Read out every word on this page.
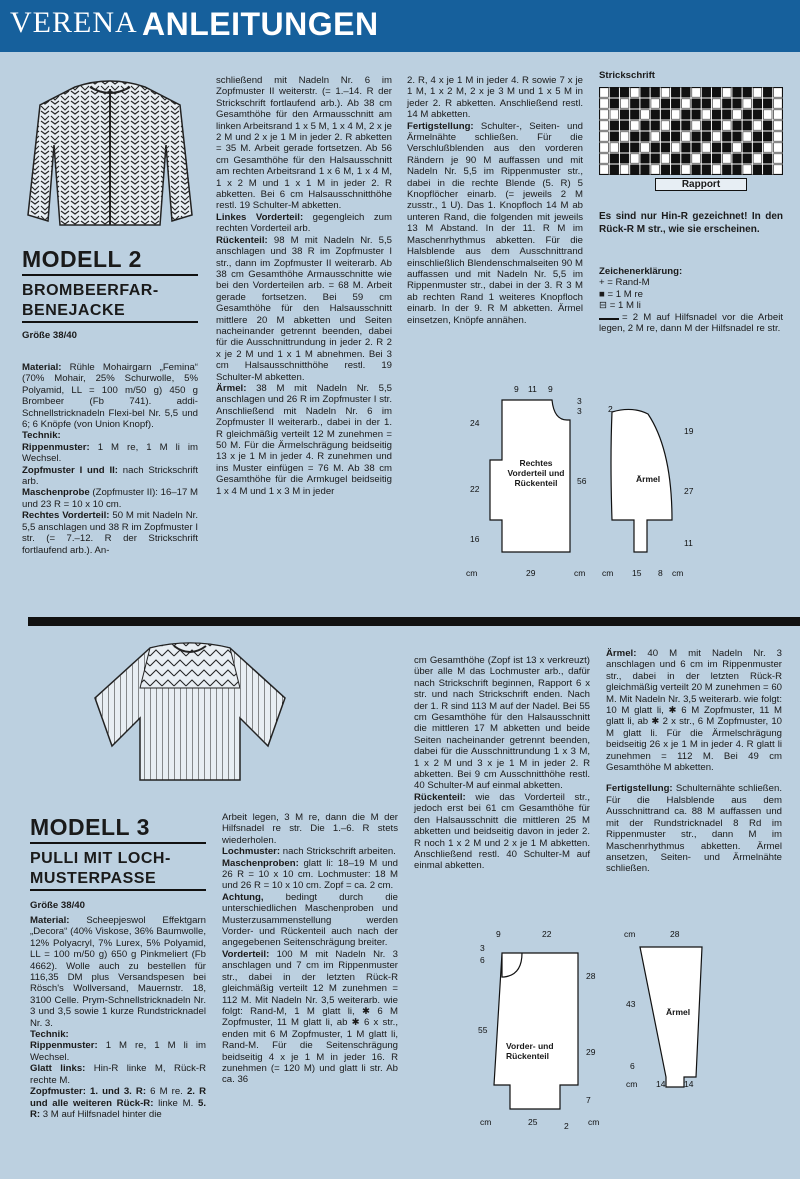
VERENA ANLEITUNGEN
MODELL 2
BROMBEERFAR-
BENEJACKE
Größe 38/40

Material: Rühle Mohairgarn „Femina“ (70% Mohair, 25% Schurwolle, 5% Polyamid, LL = 100 m/50 g) 450 g Brombeer (Fb 741). addi-Schnellstricknadeln Flexi-bel Nr. 5,5 und 6; 6 Knöpfe (von Union Knopf).

Technik:

Rippenmuster: 1 M re, 1 M li im Wechsel.

Zopfmuster I und II: nach Strickschrift arb.

Maschenprobe (Zopfmuster II): 16–17 M und 23 R = 10 x 10 cm.

Rechtes Vorderteil: 50 M mit Nadeln Nr. 5,5 anschlagen und 38 R im Zopfmuster I str. (= 7.–12. R der Strickschrift fortlaufend arb.). An-

schließend mit Nadeln Nr. 6 im Zopfmuster II weiterstr. (= 1.–14. R der Strickschrift fortlaufend arb.). Ab 38 cm Gesamthöhe für den Armausschnitt am linken Arbeitsrand 1 x 5 M, 1 x 4 M, 2 x je 2 M und 2 x je 1 M in jeder 2. R abketten = 35 M. Arbeit gerade fortsetzen. Ab 56 cm Gesamthöhe für den Halsausschnitt am rechten Arbeitsrand 1 x 6 M, 1 x 4 M, 1 x 2 M und 1 x 1 M in jeder 2. R abketten. Bei 6 cm Halsausschnitthöhe restl. 19 Schulter-M abketten.

Linkes Vorderteil: gegengleich zum rechten Vorderteil arb.

Rückenteil: 98 M mit Nadeln Nr. 5,5 anschlagen und 38 R im Zopfmuster I str., dann im Zopfmuster II weiterarb. Ab 38 cm Gesamthöhe Armausschnitte wie bei den Vorderteilen arb. = 68 M. Arbeit gerade fortsetzen. Bei 59 cm Gesamthöhe für den Halsausschnitt mittlere 20 M abketten und Seiten nacheinander getrennt beenden, dabei für die Ausschnittrundung in jeder 2. R 2 x je 2 M und 1 x 1 M abnehmen. Bei 3 cm Halsausschnitthöhe restl. 19 Schulter-M abketten.

Ärmel: 38 M mit Nadeln Nr. 5,5 anschlagen und 26 R im Zopfmuster I str. Anschließend mit Nadeln Nr. 6 im Zopfmuster II weiterarb., dabei in der 1. R gleichmäßig verteilt 12 M zunehmen = 50 M. Für die Ärmelschrägung beidseitig 13 x je 1 M in jeder 4. R zunehmen und ins Muster einfügen = 76 M. Ab 38 cm Gesamthöhe für die Armkugel beidseitig 1 x 4 M und 1 x 3 M in jeder

2. R, 4 x je 1 M in jeder 4. R sowie 7 x je 1 M, 1 x 2 M, 2 x je 3 M und 1 x 5 M in jeder 2. R abketten. Anschließend restl. 14 M abketten.

Fertigstellung: Schulter-, Seiten- und Ärmelnähte schließen. Für die Verschlußblenden aus den vorderen Rändern je 90 M auffassen und mit Nadeln Nr. 5,5 im Rippenmuster str., dabei in die rechte Blende (5. R) 5 Knopflöcher einarb. (= jeweils 2 M zusstr., 1 U). Das 1. Knopfloch 14 M ab unteren Rand, die folgenden mit jeweils 13 M Abstand. In der 11. R M im Maschenrhythmus abketten. Für die Halsblende aus dem Ausschnittrand einschließlich Blendenschmalseiten 90 M auffassen und mit Nadeln Nr. 5,5 im Rippenmuster str., dabei in der 3. R 3 M ab rechten Rand 1 weiteres Knopfloch einarb. In der 9. R M abketten. Ärmel einsetzen, Knöpfe annähen.

Strickschrift
Rapport

Es sind nur Hin-R gezeichnet! In den Rück-R M str., wie sie erscheinen.

Zeichenerklärung:

+ = Rand-M

■ = 1 M re

⊟ = 1 M li

= 2 M auf Hilfsnadel vor die Arbeit legen, 2 M re, dann M der Hilfsnadel re str.

9 11 9
3
3
56
24
22
16
cm	29	cm
2
19
27
11
cm 15 8 cm
Ärmel
Rechtes Vorderteil und Rückenteil
MODELL 3
PULLI MIT LOCH-
MUSTERPASSE
Größe 38/40

Material: Scheepjeswol Effektgarn „Decora“ (40% Viskose, 36% Baumwolle, 12% Polyacryl, 7% Lurex, 5% Polyamid, LL = 100 m/50 g) 650 g Pinkmeliert (Fb 4662). Wolle auch zu bestellen für 116,35 DM plus Versandspesen bei Rösch's Wollversand, Mauernstr. 18, 3100 Celle. Prym-Schnellstricknadeln Nr. 3 und 3,5 sowie 1 kurze Rundstricknadel Nr. 3.

Technik:

Rippenmuster: 1 M re, 1 M li im Wechsel.

Glatt links: Hin-R linke M, Rück-R rechte M.

Zopfmuster: 1. und 3. R: 6 M re. 2. R und alle weiteren Rück-R: linke M. 5. R: 3 M auf Hilfsnadel hinter die

Arbeit legen, 3 M re, dann die M der Hilfsnadel re str. Die 1.–6. R stets wiederholen.

Lochmuster: nach Strickschrift arbeiten.

Maschenproben: glatt li: 18–19 M und 26 R = 10 x 10 cm. Lochmuster: 18 M und 26 R = 10 x 10 cm. Zopf = ca. 2 cm.

Achtung, bedingt durch die unterschiedlichen Maschenproben und Musterzusammenstellung werden Vorder- und Rückenteil auch nach der angegebenen Seitenschrägung breiter.

Vorderteil: 100 M mit Nadeln Nr. 3 anschlagen und 7 cm im Rippenmuster str., dabei in der letzten Rück-R gleichmäßig verteilt 12 M zunehmen = 112 M. Mit Nadeln Nr. 3,5 weiterarb. wie folgt: Rand-M, 1 M glatt li, ✱ 6 M Zopfmuster, 11 M glatt li, ab ✱ 6 x str., enden mit 6 M Zopfmuster, 1 M glatt li, Rand-M. Für die Seitenschrägung beidseitig 4 x je 1 M in jeder 16. R zunehmen (= 120 M) und glatt li str. Ab ca. 36

cm Gesamthöhe (Zopf ist 13 x verkreuzt) über alle M das Lochmuster arb., dafür nach Strickschrift beginnen, Rapport 6 x str. und nach Strickschrift enden. Nach der 1. R sind 113 M auf der Nadel. Bei 55 cm Gesamthöhe für den Halsausschnitt die mittleren 17 M abketten und beide Seiten nacheinander getrennt beenden, dabei für die Ausschnittrundung 1 x 3 M, 1 x 2 M und 3 x je 1 M in jeder 2. R abketten. Bei 9 cm Ausschnitthöhe restl. 40 Schulter-M auf einmal abketten.

Rückenteil: wie das Vorderteil str., jedoch erst bei 61 cm Gesamthöhe für den Halsausschnitt die mittleren 25 M abketten und beidseitig davon in jeder 2. R noch 1 x 2 M und 2 x je 1 M abketten. Anschließend restl. 40 Schulter-M auf einmal abketten.

Ärmel: 40 M mit Nadeln Nr. 3 anschlagen und 6 cm im Rippenmuster str., dabei in der letzten Rück-R gleichmäßig verteilt 20 M zunehmen = 60 M. Mit Nadeln Nr. 3,5 weiterarb. wie folgt: 10 M glatt li, ✱ 6 M Zopfmuster, 11 M glatt li, ab ✱ 2 x str., 6 M Zopfmuster, 10 M glatt li. Für die Ärmelschrägung beidseitig 26 x je 1 M in jeder 4. R glatt li zunehmen = 112 M. Bei 49 cm Gesamthöhe M abketten.

Fertigstellung: Schulternähte schließen. Für die Halsblende aus dem Ausschnittrand ca. 88 M auffassen und mit der Rundstricknadel 8 Rd im Rippenmuster str., dann M im Maschenrhythmus abketten. Ärmel ansetzen, Seiten- und Ärmelnähte schließen.

9	22
3
6
55
28
29
7
cm	25	2 cm
cm	28
43
6
cm 14 14
Ärmel
Vorder- und Rückenteil
